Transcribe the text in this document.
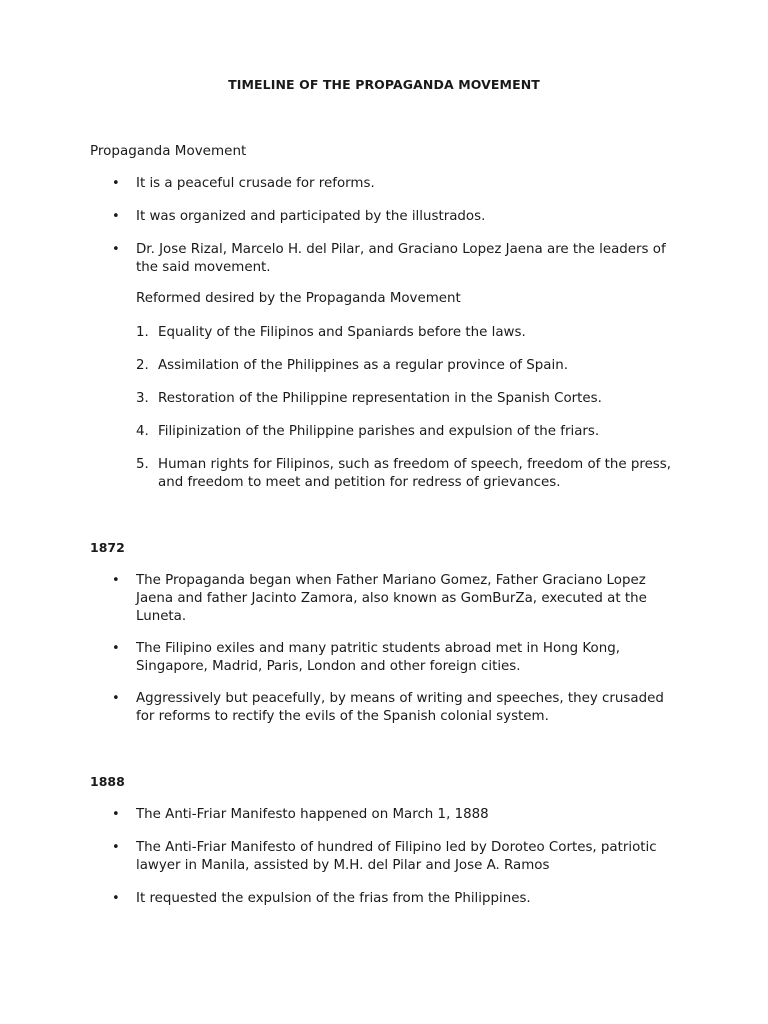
TIMELINE OF THE PROPAGANDA MOVEMENT
Propaganda Movement
• It is a peaceful crusade for reforms.
• It was organized and participated by the illustrados.
• Dr. Jose Rizal, Marcelo H. del Pilar, and Graciano Lopez Jaena are the leaders of the said movement.
Reformed desired by the Propaganda Movement
1. Equality of the Filipinos and Spaniards before the laws.
2. Assimilation of the Philippines as a regular province of Spain.
3. Restoration of the Philippine representation in the Spanish Cortes.
4. Filipinization of the Philippine parishes and expulsion of the friars.
5. Human rights for Filipinos, such as freedom of speech, freedom of the press, and freedom to meet and petition for redress of grievances.
1872
• The Propaganda began when Father Mariano Gomez, Father Graciano Lopez Jaena and father Jacinto Zamora, also known as GomBurZa, executed at the Luneta.
• The Filipino exiles and many patritic students abroad met in Hong Kong, Singapore, Madrid, Paris, London and other foreign cities.
• Aggressively but peacefully, by means of writing and speeches, they crusaded for reforms to rectify the evils of the Spanish colonial system.
1888
• The Anti-Friar Manifesto happened on March 1, 1888
• The Anti-Friar Manifesto of hundred of Filipino led by Doroteo Cortes, patriotic lawyer in Manila, assisted by M.H. del Pilar and Jose A. Ramos
• It requested the expulsion of the frias from the Philippines.
